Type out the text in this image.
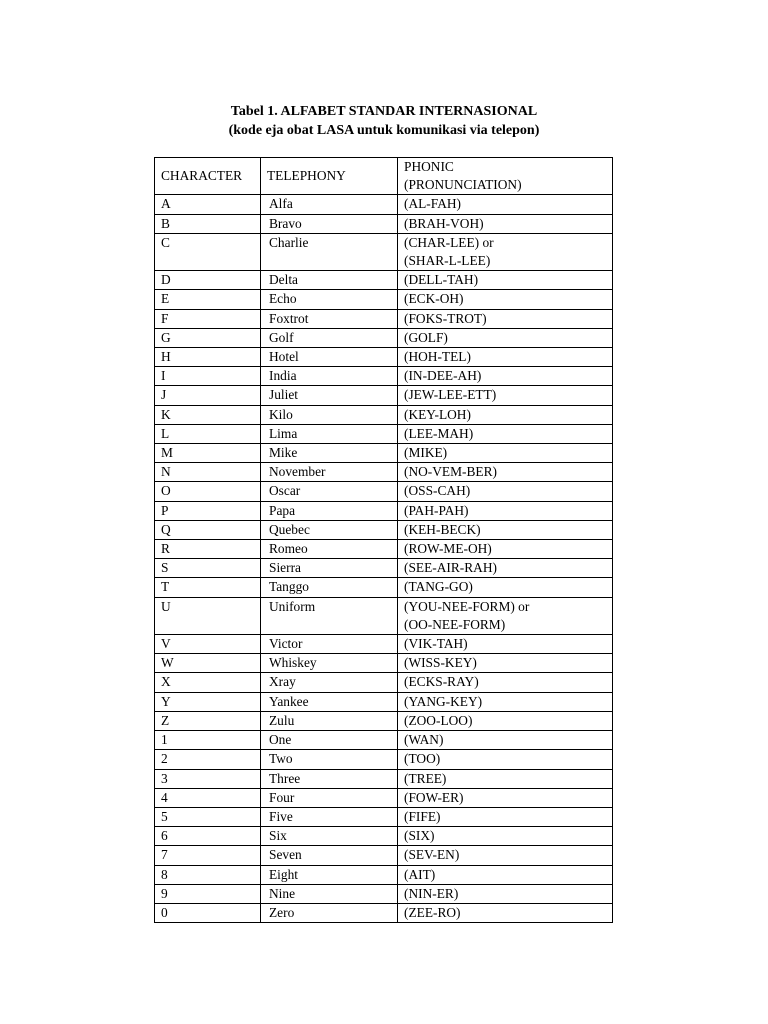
Tabel 1. ALFABET STANDAR INTERNASIONAL
(kode eja obat LASA untuk komunikasi via telepon)
CHARACTER	TELEPHONY	PHONIC
(PRONUNCIATION)

A	Alfa	(AL-FAH)

B	Bravo	(BRAH-VOH)

C	Charlie	(CHAR-LEE) or
(SHAR-L-LEE)

D	Delta	(DELL-TAH)

E	Echo	(ECK-OH)

F	Foxtrot	(FOKS-TROT)

G	Golf	(GOLF)

H	Hotel	(HOH-TEL)

I	India	(IN-DEE-AH)

J	Juliet	(JEW-LEE-ETT)

K	Kilo	(KEY-LOH)

L	Lima	(LEE-MAH)

M	Mike	(MIKE)

N	November	(NO-VEM-BER)

O	Oscar	(OSS-CAH)

P	Papa	(PAH-PAH)

Q	Quebec	(KEH-BECK)

R	Romeo	(ROW-ME-OH)

S	Sierra	(SEE-AIR-RAH)

T	Tanggo	(TANG-GO)

U	Uniform	(YOU-NEE-FORM) or
(OO-NEE-FORM)

V	Victor	(VIK-TAH)

W	Whiskey	(WISS-KEY)

X	Xray	(ECKS-RAY)

Y	Yankee	(YANG-KEY)

Z	Zulu	(ZOO-LOO)

1	One	(WAN)

2	Two	(TOO)

3	Three	(TREE)

4	Four	(FOW-ER)

5	Five	(FIFE)

6	Six	(SIX)

7	Seven	(SEV-EN)

8	Eight	(AIT)

9	Nine	(NIN-ER)

0	Zero	(ZEE-RO)
